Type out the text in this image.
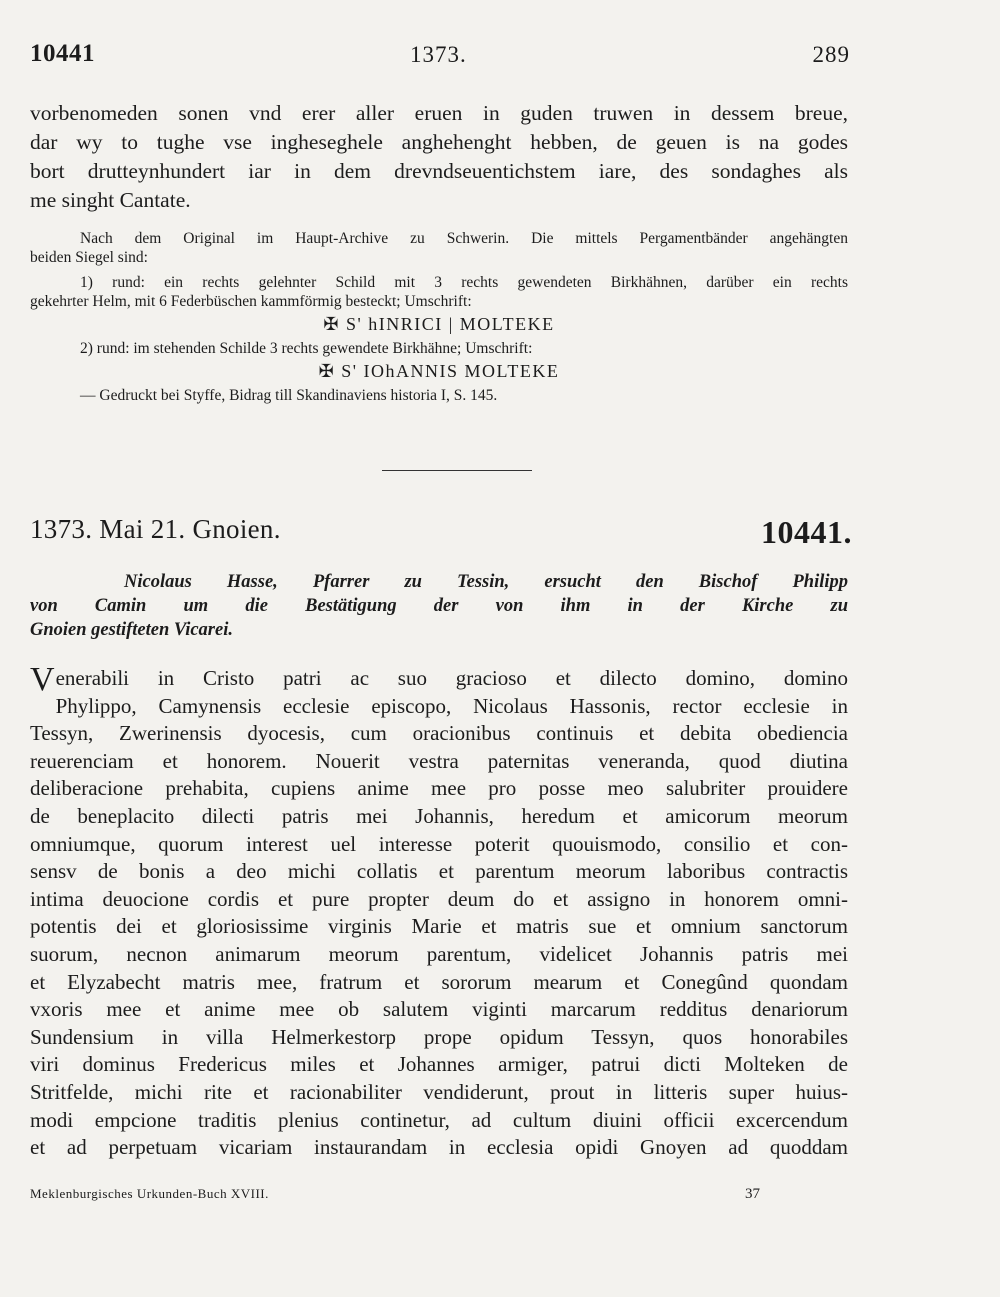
10441	1373.	289
vorbenomeden sonen vnd erer aller eruen in guden truwen in dessem breue,
dar wy to tughe vse ingheseghele anghehenght hebben, de geuen is na godes
bort drutteynhundert iar in dem drevndseuentichstem iare, des sondaghes als
me singht Cantate.
Nach dem Original im Haupt-Archive zu Schwerin. Die mittels Pergamentbänder angehängten
beiden Siegel sind:
1) rund: ein rechts gelehnter Schild mit 3 rechts gewendeten Birkhähnen, darüber ein rechts
gekehrter Helm, mit 6 Federbüschen kammförmig besteckt; Umschrift:
✠ S' hINRICI | MOLTEKE
2) rund: im stehenden Schilde 3 rechts gewendete Birkhähne; Umschrift:
✠ S' IOhANNIS MOLTEKE
— Gedruckt bei Styffe, Bidrag till Skandinaviens historia I, S. 145.
1373. Mai 21. Gnoien.	10441.
Nicolaus Hasse, Pfarrer zu Tessin, ersucht den Bischof Philipp
von Camin um die Bestätigung der von ihm in der Kirche zu
Gnoien gestifteten Vicarei.
V enerabili in Cristo patri ac suo gracioso et dilecto domino, domino
Phylippo, Camynensis ecclesie episcopo, Nicolaus Hassonis, rector ecclesie in
Tessyn, Zwerinensis dyocesis, cum oracionibus continuis et debita obediencia
reuerenciam et honorem. Nouerit vestra paternitas veneranda, quod diutina
deliberacione prehabita, cupiens anime mee pro posse meo salubriter prouidere
de beneplacito dilecti patris mei Johannis, heredum et amicorum meorum
omniumque, quorum interest uel interesse poterit quouismodo, consilio et con-
sensv de bonis a deo michi collatis et parentum meorum laboribus contractis
intima deuocione cordis et pure propter deum do et assigno in honorem omni-
potentis dei et gloriosissime virginis Marie et matris sue et omnium sanctorum
suorum, necnon animarum meorum parentum, videlicet Johannis patris mei
et Elyzabecht matris mee, fratrum et sororum mearum et Conegûnd quondam
vxoris mee et anime mee ob salutem viginti marcarum redditus denariorum
Sundensium in villa Helmerkestorp prope opidum Tessyn, quos honorabiles
viri dominus Fredericus miles et Johannes armiger, patrui dicti Molteken de
Stritfelde, michi rite et racionabiliter vendiderunt, prout in litteris super huius-
modi empcione traditis plenius continetur, ad cultum diuini officii excercendum
et ad perpetuam vicariam instaurandam in ecclesia opidi Gnoyen ad quoddam
Meklenburgisches Urkunden-Buch XVIII.	37
